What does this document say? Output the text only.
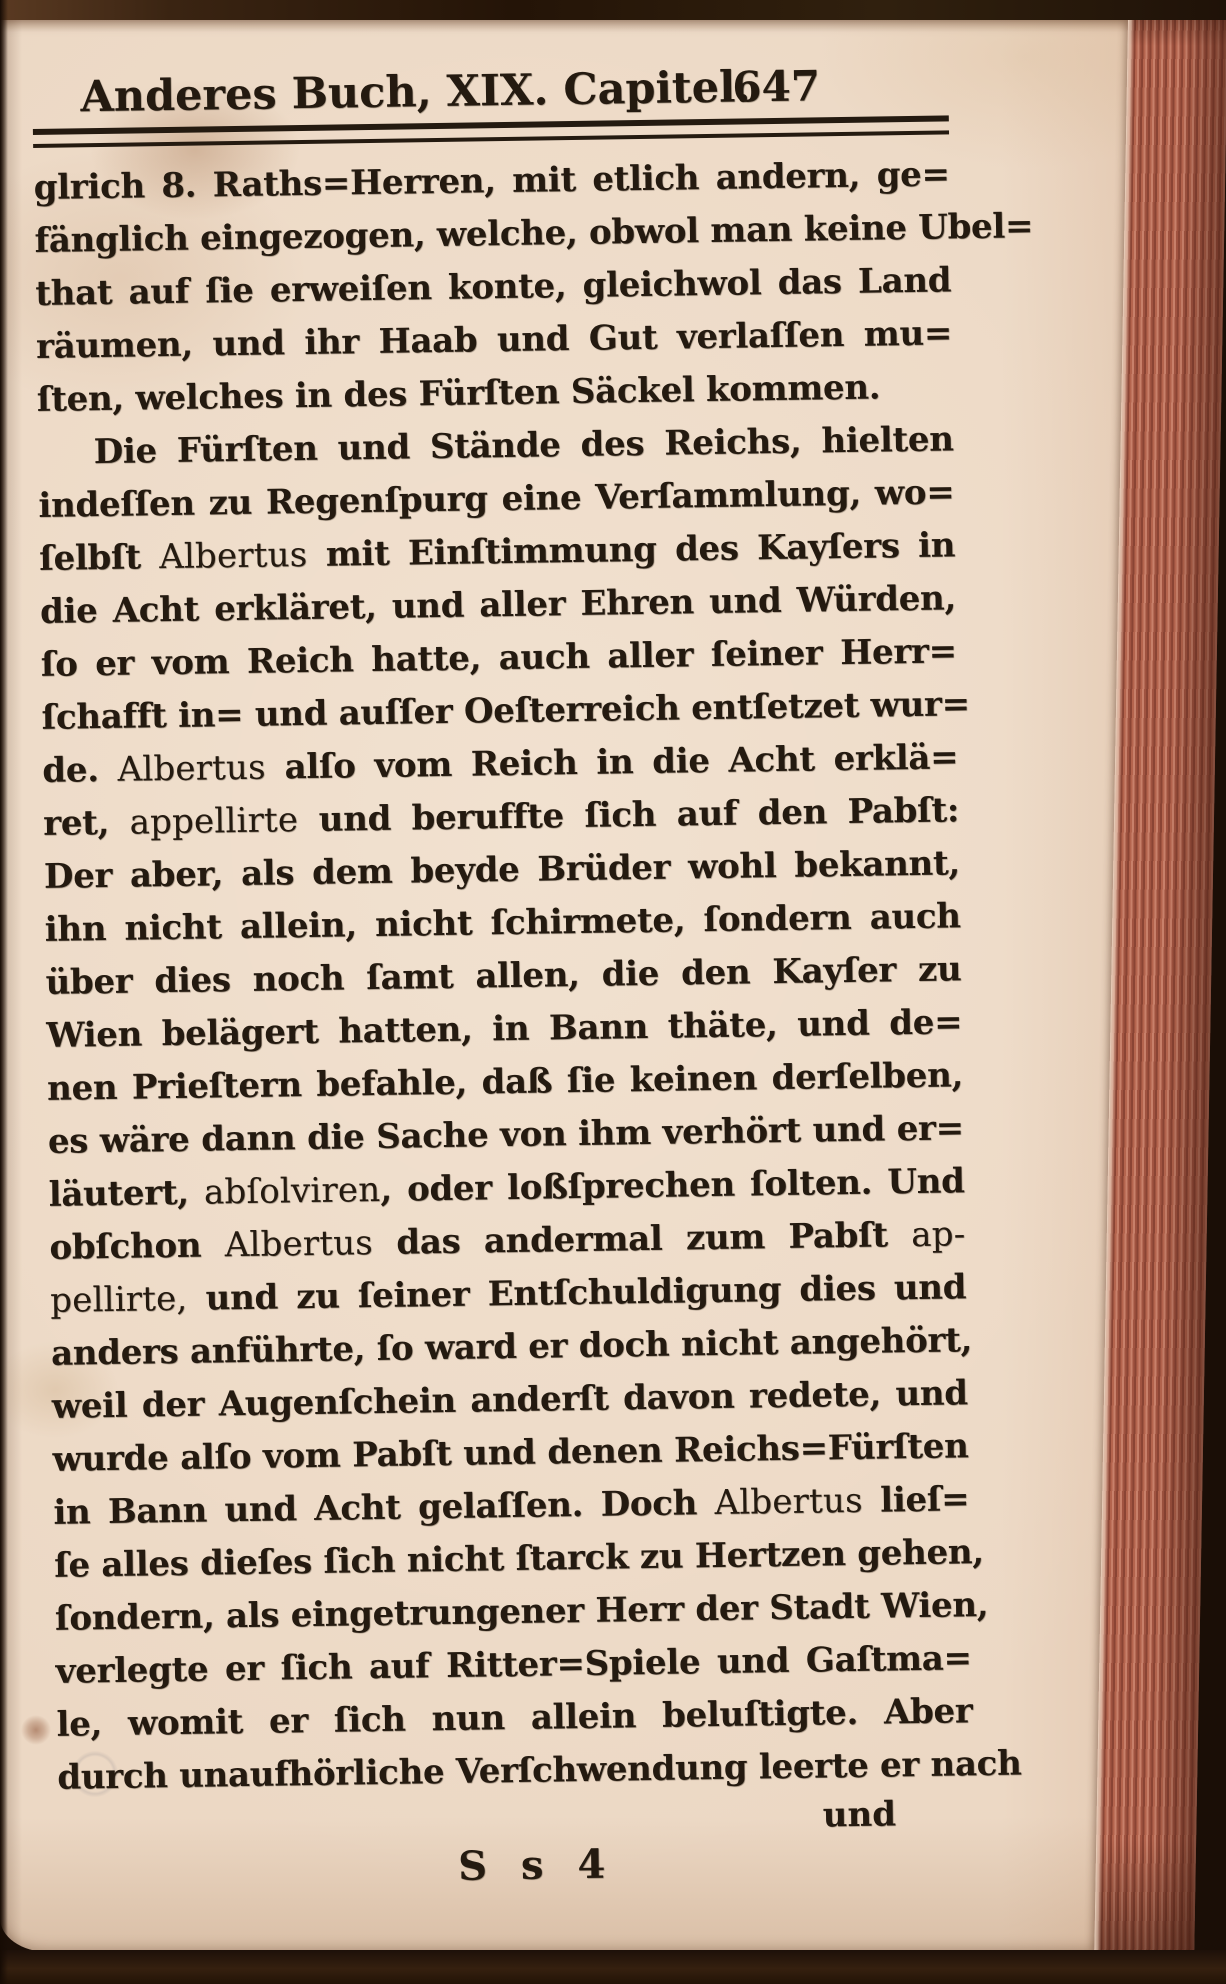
Anderes Buch, XIX. Capitel.
647
glrich 8. Raths=Herren, mit etlich andern, ge=
fänglich eingezogen, welche, obwol man keine Ubel=
that auf ſie erweiſen konte, gleichwol das Land
räumen, und ihr Haab und Gut verlaſſen mu=
ſten, welches in des Fürſten Säckel kommen.
Die Fürſten und Stände des Reichs, hielten
indeſſen zu Regenſpurg eine Verſammlung, wo=
ſelbſt Albertus mit Einſtimmung des Kayſers in
die Acht erkläret, und aller Ehren und Würden,
ſo er vom Reich hatte, auch aller ſeiner Herr=
ſchafft in= und auſſer Oeſterreich entſetzet wur=
de. Albertus alſo vom Reich in die Acht erklä=
ret, appellirte und beruffte ſich auf den Pabſt:
Der aber, als dem beyde Brüder wohl bekannt,
ihn nicht allein, nicht ſchirmete, ſondern auch
über dies noch ſamt allen, die den Kayſer zu
Wien belägert hatten, in Bann thäte, und de=
nen Prieſtern befahle, daß ſie keinen derſelben,
es wäre dann die Sache von ihm verhört und er=
läutert, abſolviren, oder loßſprechen ſolten. Und
obſchon Albertus das andermal zum Pabſt ap-
pellirte, und zu ſeiner Entſchuldigung dies und
anders anführte, ſo ward er doch nicht angehört,
weil der Augenſchein anderſt davon redete, und
wurde alſo vom Pabſt und denen Reichs=Fürſten
in Bann und Acht gelaſſen. Doch Albertus lieſ=
ſe alles dieſes ſich nicht ſtarck zu Hertzen gehen,
ſondern, als eingetrungener Herr der Stadt Wien,
verlegte er ſich auf Ritter=Spiele und Gaſtma=
le, womit er ſich nun allein beluſtigte. Aber
durch unaufhörliche Verſchwendung leerte er nach
und
S s 4
